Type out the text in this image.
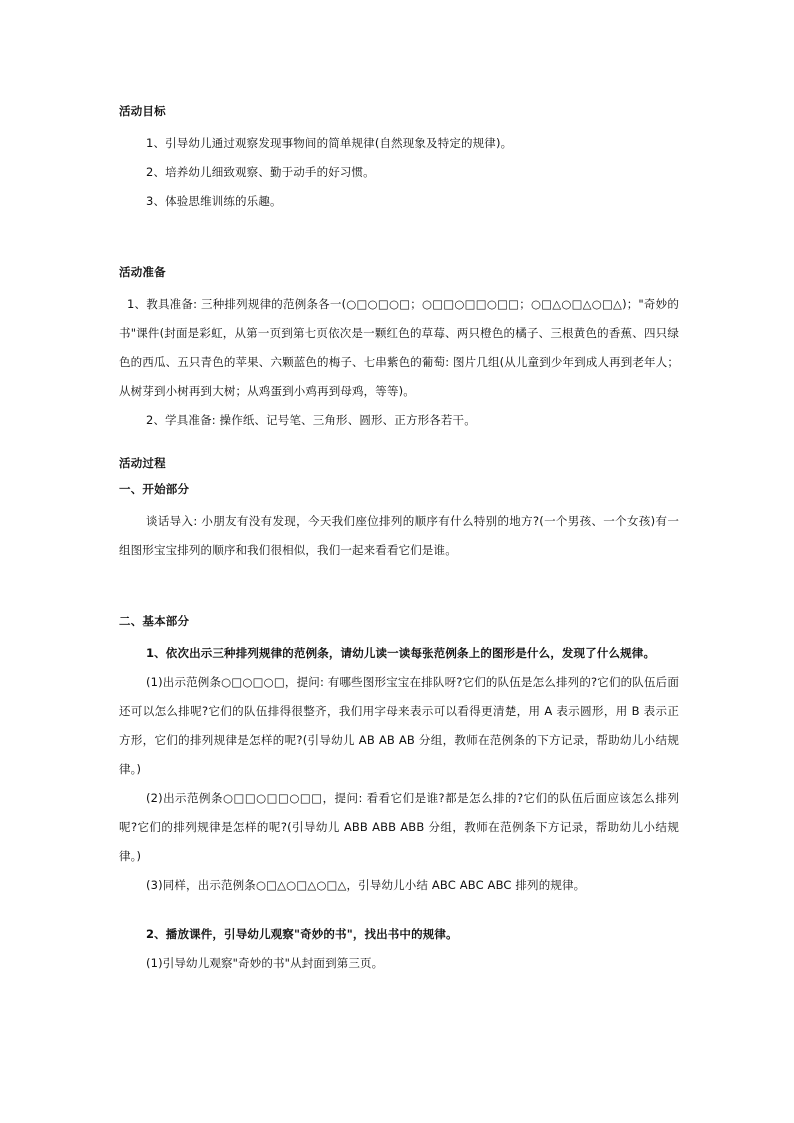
活动目标

1、引导幼儿通过观察发现事物间的简单规律(自然现象及特定的规律)。

2、培养幼儿细致观察、勤于动手的好习惯。

3、体验思维训练的乐趣。

活动准备

1、教具准备: 三种排列规律的范例条各一(○□○□○□；○□□○□□○□□；○□△○□△○□△)；"奇妙的书"课件(封面是彩虹，从第一页到第七页依次是一颗红色的草莓、两只橙色的橘子、三根黄色的香蕉、四只绿色的西瓜、五只青色的苹果、六颗蓝色的梅子、七串紫色的葡萄: 图片几组(从儿童到少年到成人再到老年人；从树芽到小树再到大树；从鸡蛋到小鸡再到母鸡，等等)。

2、学具准备: 操作纸、记号笔、三角形、圆形、正方形各若干。

活动过程

一、开始部分

谈话导入: 小朋友有没有发现，今天我们座位排列的顺序有什么特别的地方?(一个男孩、一个女孩)有一组图形宝宝排列的顺序和我们很相似，我们一起来看看它们是谁。

二、基本部分

1、依次出示三种排列规律的范例条，请幼儿读一读每张范例条上的图形是什么，发现了什么规律。

(1)出示范例条○□○□○□，提问: 有哪些图形宝宝在排队呀?它们的队伍是怎么排列的?它们的队伍后面还可以怎么排呢?它们的队伍排得很整齐，我们用字母来表示可以看得更清楚，用 A 表示圆形，用 B 表示正方形，它们的排列规律是怎样的呢?(引导幼儿 AB AB AB 分组，教师在范例条的下方记录，帮助幼儿小结规律。)

(2)出示范例条○□□○□□○□□，提问: 看看它们是谁?都是怎么排的?它们的队伍后面应该怎么排列呢?它们的排列规律是怎样的呢?(引导幼儿 ABB ABB ABB 分组，教师在范例条下方记录，帮助幼儿小结规律。)

(3)同样，出示范例条○□△○□△○□△，引导幼儿小结 ABC ABC ABC 排列的规律。

2、播放课件，引导幼儿观察"奇妙的书"，找出书中的规律。

(1)引导幼儿观察"奇妙的书"从封面到第三页。
